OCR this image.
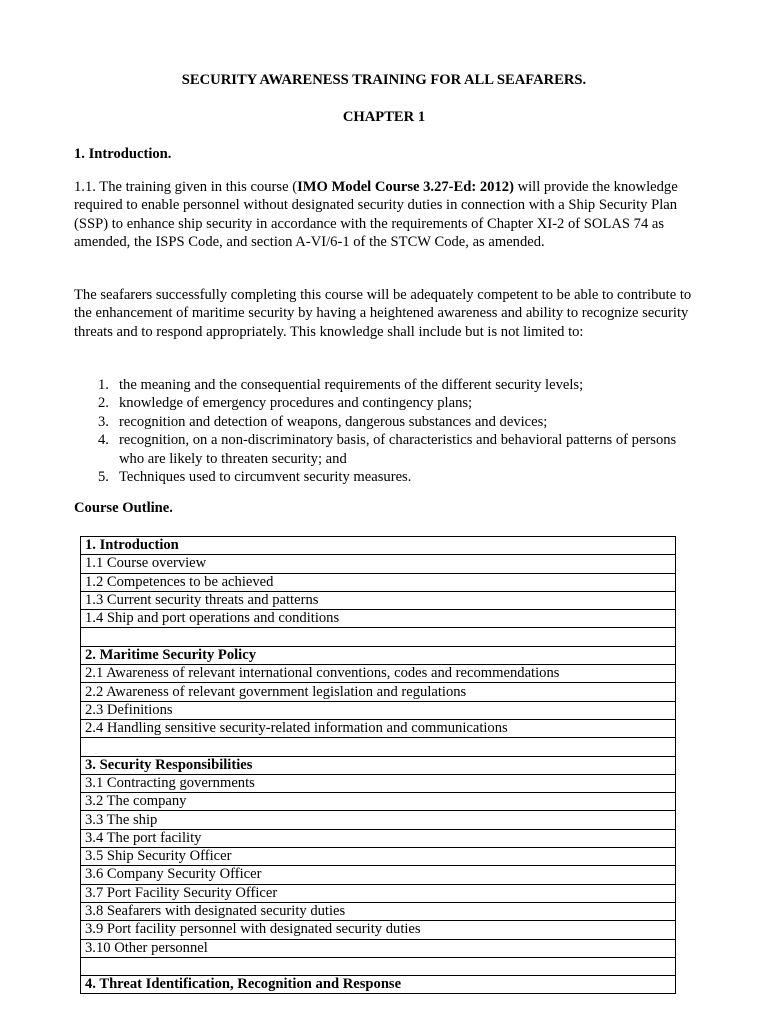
SECURITY AWARENESS TRAINING FOR ALL SEAFARERS.
CHAPTER 1
1. Introduction.
1.1. The training given in this course (IMO Model Course 3.27-Ed: 2012) will provide the knowledge required to enable personnel without designated security duties in connection with a Ship Security Plan (SSP) to enhance ship security in accordance with the requirements of Chapter XI-2 of SOLAS 74 as amended, the ISPS Code, and section A-VI/6-1 of the STCW Code, as amended.
The seafarers successfully completing this course will be adequately competent to be able to contribute to the enhancement of maritime security by having a heightened awareness and ability to recognize security threats and to respond appropriately. This knowledge shall include but is not limited to:
1. the meaning and the consequential requirements of the different security levels;
2. knowledge of emergency procedures and contingency plans;
3. recognition and detection of weapons, dangerous substances and devices;
4. recognition, on a non-discriminatory basis, of characteristics and behavioral patterns of persons who are likely to threaten security; and
5. Techniques used to circumvent security measures.
Course Outline.
1. Introduction
1.1 Course overview
1.2 Competences to be achieved
1.3 Current security threats and patterns
1.4 Ship and port operations and conditions

2. Maritime Security Policy
2.1 Awareness of relevant international conventions, codes and recommendations
2.2 Awareness of relevant government legislation and regulations
2.3 Definitions
2.4 Handling sensitive security-related information and communications

3. Security Responsibilities
3.1 Contracting governments
3.2 The company
3.3 The ship
3.4 The port facility
3.5 Ship Security Officer
3.6 Company Security Officer
3.7 Port Facility Security Officer
3.8 Seafarers with designated security duties
3.9 Port facility personnel with designated security duties
3.10 Other personnel

4. Threat Identification, Recognition and Response
